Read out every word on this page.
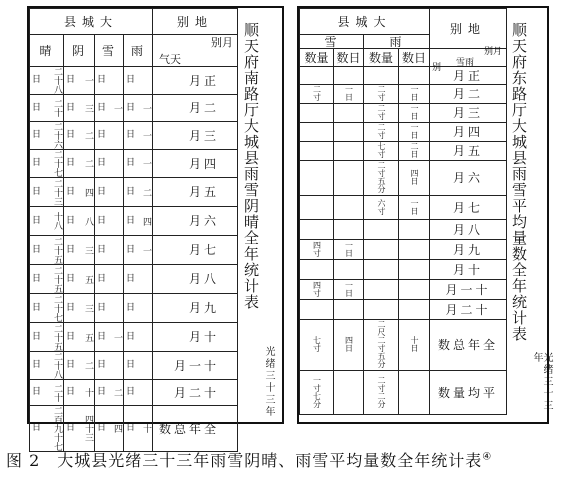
县城大				别地
晴	阴	雪	雨	气天
别月

日 二十八	日 一	日	日	月正

日 二十	日 三	日 一	日 一	月二

日 二十六	日 二	日	日 一	月三

日 二十七	日 二	日	日 一	月四

日 二十三	日 四	日	日 二	月五

日 十八	日 八	日	日 四	月六

日 二十五	日 三	日	日 一	月七

日 二十五	日 五	日	日	月八

日 二十七	日 三	日	日	月九

日 二十五	日 五	日 一	日	月十

日 二十八	日 二	日	日	月一十

日 二十	日 十	日 二	日	月二十

日 二百九十七	日 四十三	日 四	日 十	数总年全
顺天府南路厅大城县雨雪阴晴全年统计表
光绪三十三年
县城大				别地
雪		雨		
数量	数日	数量	数日	雪雨
别
别月

				月正
二寸	一日	二寸	一日	月二
		二寸	一日	月三
		二寸	一日	月四
		七寸	二日	月五
		二寸五分	四日	月六
		六寸	一日	月七
				月八
四寸	一日			月九
				月十
四寸	一日			月一十
				月二十
七寸	四日	二尺二寸五分	十日	数总年全
一寸七分		二寸二分		数量均平
顺天府东路厅大城县雨雪平均量数全年统计表
光绪三十三年
图 2　大城县光绪三十三年雨雪阴晴、雨雪平均量数全年统计表④
